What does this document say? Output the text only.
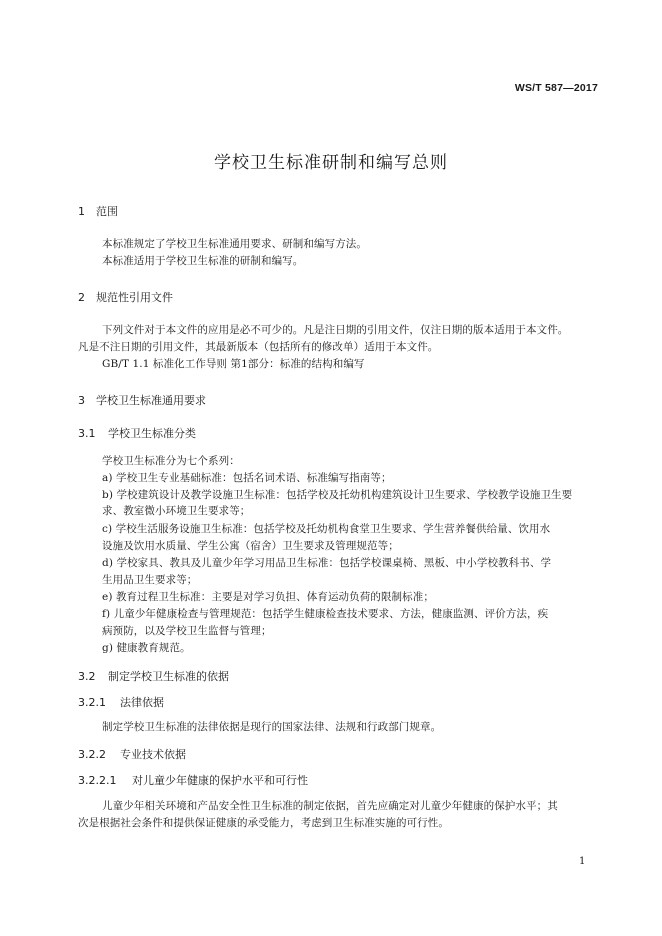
WS/T 587—2017
学校卫生标准研制和编写总则
1 范围
本标准规定了学校卫生标准通用要求、研制和编写方法。
本标准适用于学校卫生标准的研制和编写。
2 规范性引用文件
下列文件对于本文件的应用是必不可少的。凡是注日期的引用文件，仅注日期的版本适用于本文件。
凡是不注日期的引用文件，其最新版本（包括所有的修改单）适用于本文件。
GB/T 1.1 标准化工作导则 第1部分：标准的结构和编写
3 学校卫生标准通用要求
3.1 学校卫生标准分类
学校卫生标准分为七个系列：
a) 学校卫生专业基础标准：包括名词术语、标准编写指南等；
b) 学校建筑设计及教学设施卫生标准：包括学校及托幼机构建筑设计卫生要求、学校教学设施卫生要
求、教室微小环境卫生要求等；
c) 学校生活服务设施卫生标准：包括学校及托幼机构食堂卫生要求、学生营养餐供给量、饮用水
设施及饮用水质量、学生公寓（宿舍）卫生要求及管理规范等；
d) 学校家具、教具及儿童少年学习用品卫生标准：包括学校课桌椅、黑板、中小学校教科书、学
生用品卫生要求等；
e) 教育过程卫生标准：主要是对学习负担、体育运动负荷的限制标准；
f) 儿童少年健康检查与管理规范：包括学生健康检查技术要求、方法，健康监测、评价方法，疾
病预防，以及学校卫生监督与管理；
g) 健康教育规范。
3.2 制定学校卫生标准的依据
3.2.1 法律依据
制定学校卫生标准的法律依据是现行的国家法律、法规和行政部门规章。
3.2.2 专业技术依据
3.2.2.1 对儿童少年健康的保护水平和可行性
儿童少年相关环境和产品安全性卫生标准的制定依据，首先应确定对儿童少年健康的保护水平；其
次是根据社会条件和提供保证健康的承受能力，考虑到卫生标准实施的可行性。
1
